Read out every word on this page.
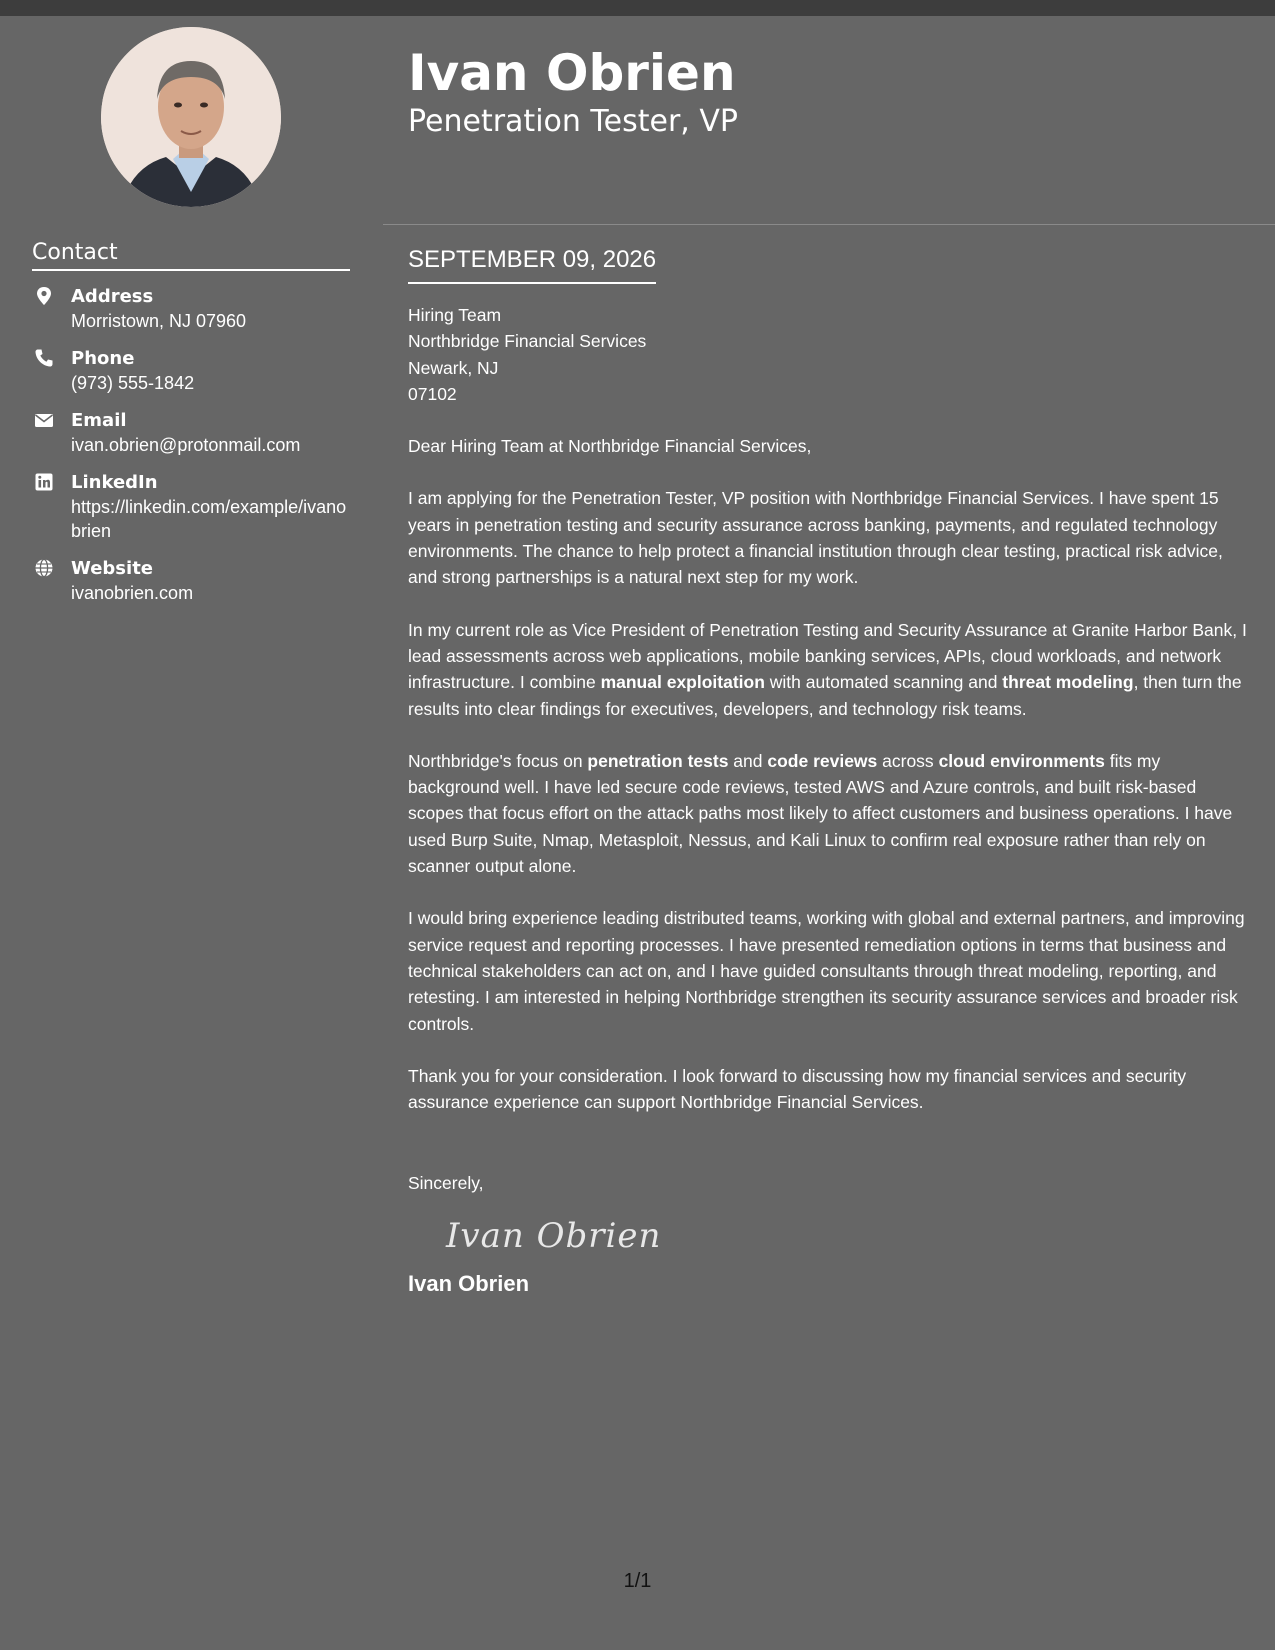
Contact
Address
Morristown, NJ 07960
Phone
(973) 555-1842
Email
ivan.obrien@protonmail.com
LinkedIn
https://linkedin.com/example/ivanobrien
Website
ivanobrien.com
Ivan Obrien
Penetration Tester, VP
SEPTEMBER 09, 2026

Hiring Team
Northbridge Financial Services
Newark, NJ
07102

Dear Hiring Team at Northbridge Financial Services,

I am applying for the Penetration Tester, VP position with Northbridge Financial Services. I have spent 15 years in penetration testing and security assurance across banking, payments, and regulated technology environments. The chance to help protect a financial institution through clear testing, practical risk advice, and strong partnerships is a natural next step for my work.

In my current role as Vice President of Penetration Testing and Security Assurance at Granite Harbor Bank, I lead assessments across web applications, mobile banking services, APIs, cloud workloads, and network infrastructure. I combine manual exploitation with automated scanning and threat modeling, then turn the results into clear findings for executives, developers, and technology risk teams.

Northbridge's focus on penetration tests and code reviews across cloud environments fits my background well. I have led secure code reviews, tested AWS and Azure controls, and built risk-based scopes that focus effort on the attack paths most likely to affect customers and business operations. I have used Burp Suite, Nmap, Metasploit, Nessus, and Kali Linux to confirm real exposure rather than rely on scanner output alone.

I would bring experience leading distributed teams, working with global and external partners, and improving service request and reporting processes. I have presented remediation options in terms that business and technical stakeholders can act on, and I have guided consultants through threat modeling, reporting, and retesting. I am interested in helping Northbridge strengthen its security assurance services and broader risk controls.

Thank you for your consideration. I look forward to discussing how my financial services and security assurance experience can support Northbridge Financial Services.

Sincerely,
Ivan Obrien
Ivan Obrien
1/1
